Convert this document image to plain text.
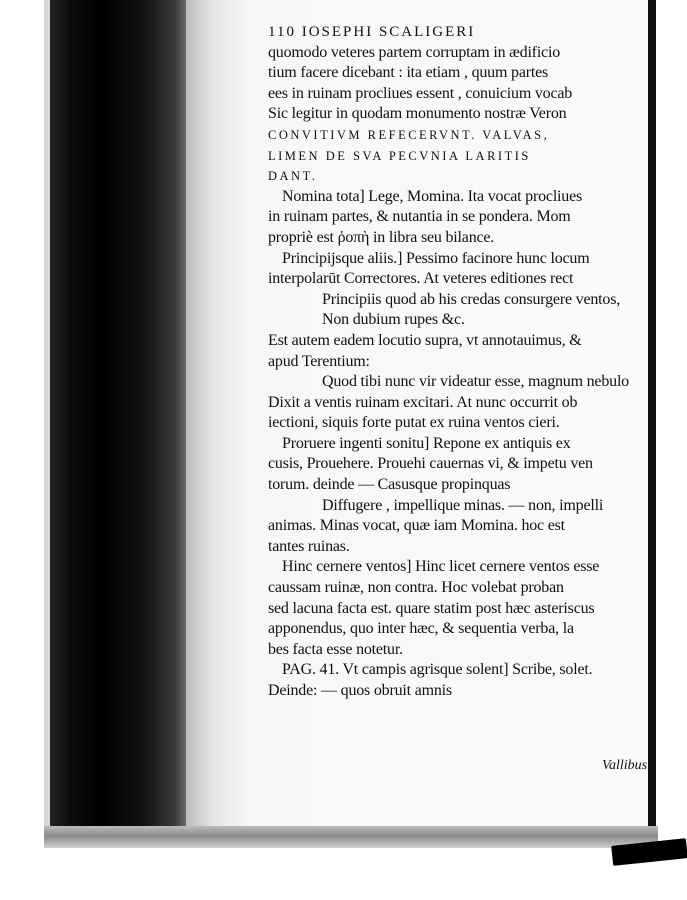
110 IOSEPHI SCALIGERI
quomodo veteres partem corruptam in ædificio
tium facere dicebant : ita etiam , quum partes
ees in ruinam procliues essent , conuicium vocab
Sic legitur in quodam monumento nostræ Veron
CONVITIVM REFECERVNT. VALVAS,
LIMEN DE SVA PECVNIA LARITIS
DANT.
Nomina tota] Lege, Momina. Ita vocat procliues
in ruinam partes, & nutantia in se pondera. Mom
propriè est ῥοπὴ in libra seu bilance.
Principijsque aliis.] Pessimo facinore hunc locum
interpolarūt Correctores. At veteres editiones rect
Principiis quod ab his credas consurgere ventos,
Non dubium rupes &c.
Est autem eadem locutio supra, vt annotauimus, &
apud Terentium:
Quod tibi nunc vir videatur esse, magnum nebulo
Dixit a ventis ruinam excitari. At nunc occurrit ob
iectioni, siquis forte putat ex ruina ventos cieri.
Proruere ingenti sonitu] Repone ex antiquis ex
cusis, Prouehere. Prouehi cauernas vi, & impetu ven
torum. deinde — Casusque propinquas
Diffugere , impellique minas. — non, impelli
animas. Minas vocat, quæ iam Momina. hoc est
tantes ruinas.
Hinc cernere ventos] Hinc licet cernere ventos esse
caussam ruinæ, non contra. Hoc volebat proban
sed lacuna facta est. quare statim post hæc asteriscus
apponendus, quo inter hæc, & sequentia verba, la
bes facta esse notetur.
PAG. 41. Vt campis agrisque solent] Scribe, solet.
Deinde: — quos obruit amnis
Vallibus
